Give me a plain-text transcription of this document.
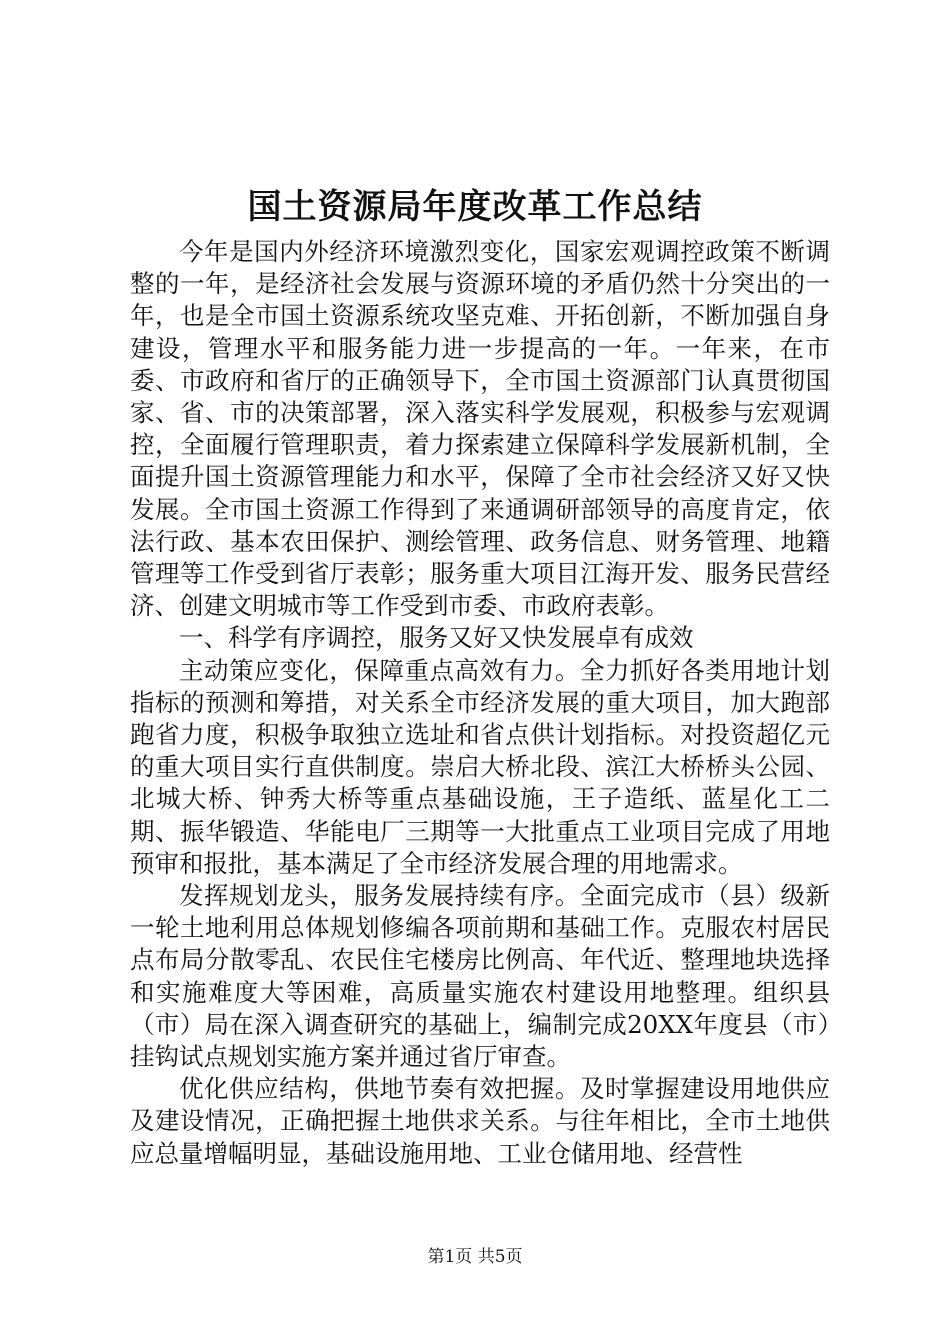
国土资源局年度改革工作总结

今年是国内外经济环境激烈变化，国家宏观调控政策不断调整的一年，是经济社会发展与资源环境的矛盾仍然十分突出的一年，也是全市国土资源系统攻坚克难、开拓创新，不断加强自身建设，管理水平和服务能力进一步提高的一年。一年来，在市委、市政府和省厅的正确领导下，全市国土资源部门认真贯彻国家、省、市的决策部署，深入落实科学发展观，积极参与宏观调控，全面履行管理职责，着力探索建立保障科学发展新机制，全面提升国土资源管理能力和水平，保障了全市社会经济又好又快发展。全市国土资源工作得到了来通调研部领导的高度肯定，依法行政、基本农田保护、测绘管理、政务信息、财务管理、地籍管理等工作受到省厅表彰；服务重大项目江海开发、服务民营经济、创建文明城市等工作受到市委、市政府表彰。

一、科学有序调控，服务又好又快发展卓有成效

主动策应变化，保障重点高效有力。全力抓好各类用地计划指标的预测和筹措，对关系全市经济发展的重大项目，加大跑部跑省力度，积极争取独立选址和省点供计划指标。对投资超亿元的重大项目实行直供制度。崇启大桥北段、滨江大桥桥头公园、北城大桥、钟秀大桥等重点基础设施，王子造纸、蓝星化工二期、振华锻造、华能电厂三期等一大批重点工业项目完成了用地预审和报批，基本满足了全市经济发展合理的用地需求。

发挥规划龙头，服务发展持续有序。全面完成市（县）级新一轮土地利用总体规划修编各项前期和基础工作。克服农村居民点布局分散零乱、农民住宅楼房比例高、年代近、整理地块选择和实施难度大等困难，高质量实施农村建设用地整理。组织县（市）局在深入调查研究的基础上，编制完成20XX年度县（市）挂钩试点规划实施方案并通过省厅审查。

优化供应结构，供地节奏有效把握。及时掌握建设用地供应及建设情况，正确把握土地供求关系。与往年相比，全市土地供应总量增幅明显，基础设施用地、工业仓储用地、经营性

第1页 共5页
